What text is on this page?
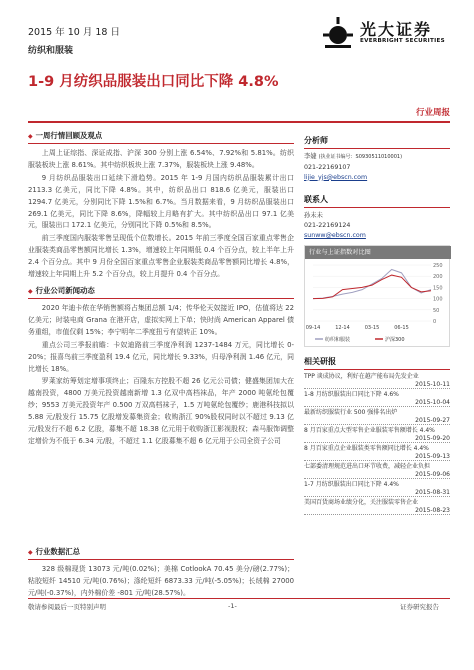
2015 年 10 月 18 日
纺织和服装
光大证券
EVERBRIGHT SECURITIES
1-9 月纺织品服装出口同比下降 4.8%
行业周报
◆ 一周行情回顾及观点

上周上证综指、深证成指、沪深 300 分别上涨 6.54%、7.92%和 5.81%。纺织服装板块上涨 8.61%。其中纺织板块上涨 7.37%，服装板块上涨 9.48%。

9 月纺织品服装出口延续下滑趋势。2015 年 1-9 月国内纺织品服装累计出口 2113.3 亿美元，同比下降 4.8%。其中，纺织品出口 818.6 亿美元，服装出口 1294.7 亿美元，分别同比下降 1.5%和 6.7%。当月数据来看，9 月纺织品服装出口 269.1 亿美元，同比下降 8.6%，降幅较上月略有扩大。其中纺织品出口 97.1 亿美元，服装出口 172.1 亿美元，分别同比下降 0.5%和 8.5%。

前三季度国内服装零售呈现低个位数增长。2015 年前三季度全国百家重点零售企业服装类商品零售额同比增长 1.3%，增速较上年同期低 0.4 个百分点，较上半年上升 2.4 个百分点。其中 9 月份全国百家重点零售企业服装类商品零售额同比增长 4.8%，增速较上年同期上升 5.2 个百分点，较上月提升 0.4 个百分点。

◆ 行业公司新闻动态

2020 年迪卡侬在华销售额将占集团总额 1/4；传华伦天奴接近 IPO，估值将达 22 亿美元；时装电商 Grana 在港开店，虚拟实网上下单；快时尚 American Apparel 债务重组，市值仅剩 15%；李宁明年二季度扭亏有望转正 10%。

重点公司三季报前瞻：卡奴迪路前三季度净利润 1237-1484 万元，同比增长 0-20%；报喜鸟前三季度盈利 19.4 亿元，同比增长 9.33%，归母净利润 1.46 亿元，同比增长 18%。

罗莱家纺筹划定增事项终止；百隆东方控股不超 26 亿元公司债；健盛集团加大在越南投资，4800 万美元投资越南新增 1.3 亿双中高档袜品，年产 2000 吨氨纶包覆纱；9553 万美元投资年产 0.500 万双高档袜子，1.5 万吨氨纶包覆纱；鹿港科技拟以 5.88 元/股发行 15.75 亿股增发募集资金；收购浙江 90%股权同时以不超过 9.13 亿元/股发行不超 6.2 亿股，募集不超 18.38 亿元用于收购浙江影视股权；森马服饰调整定增价为不低于 6.34 元/股，不超过 1.1 亿股募集不超 6 亿元用于公司全资子公司

◆ 行业数据汇总

328 级棉现货 13073 元/吨(0.02%)；美棉 CotlookA 70.45 美分/磅(2.77%)；粘胶短纤 14510 元/吨(0.76%)；涤纶短纤 6873.33 元/吨(-5.05%)；长绒棉 27000 元/吨(-0.37%)，内外棉价差 -801 元/吨(28.57%)。

分析师
李婕 (执业证书编号：S0930511010001)
021-22169107
lijie_yjs@ebscn.com
联系人
孙未未
021-22169124
sunww@ebscn.com
行业与上证指数对比图
0
50
100
150
200
250
09-14	12-14	03-15	06-15
纺织和服装	沪深300
相关研报
TPP 谈成协议，利好在越产能布局先发企业
2015-10-11
1-8 月纺织服装出口同比下降 4.6%
2015-10-04
最新纺织服装行业 500 强排名出炉
2015-09-27
8 月百家重点大型零售企业服装零售额增长 4.4%
2015-09-20
8 月百家重点企业服装类零售额同比增长 4.4%
2015-09-13
七部委清理规范进出口环节收费，减轻企业负担
2015-09-06
1-7 月纺织服装出口同比下降 4.4%
2015-08-31
美国百货商场业绩分化，关注服装零售企业
2015-08-23
敬请参阅最后一页特别声明	-1-	证券研究报告
